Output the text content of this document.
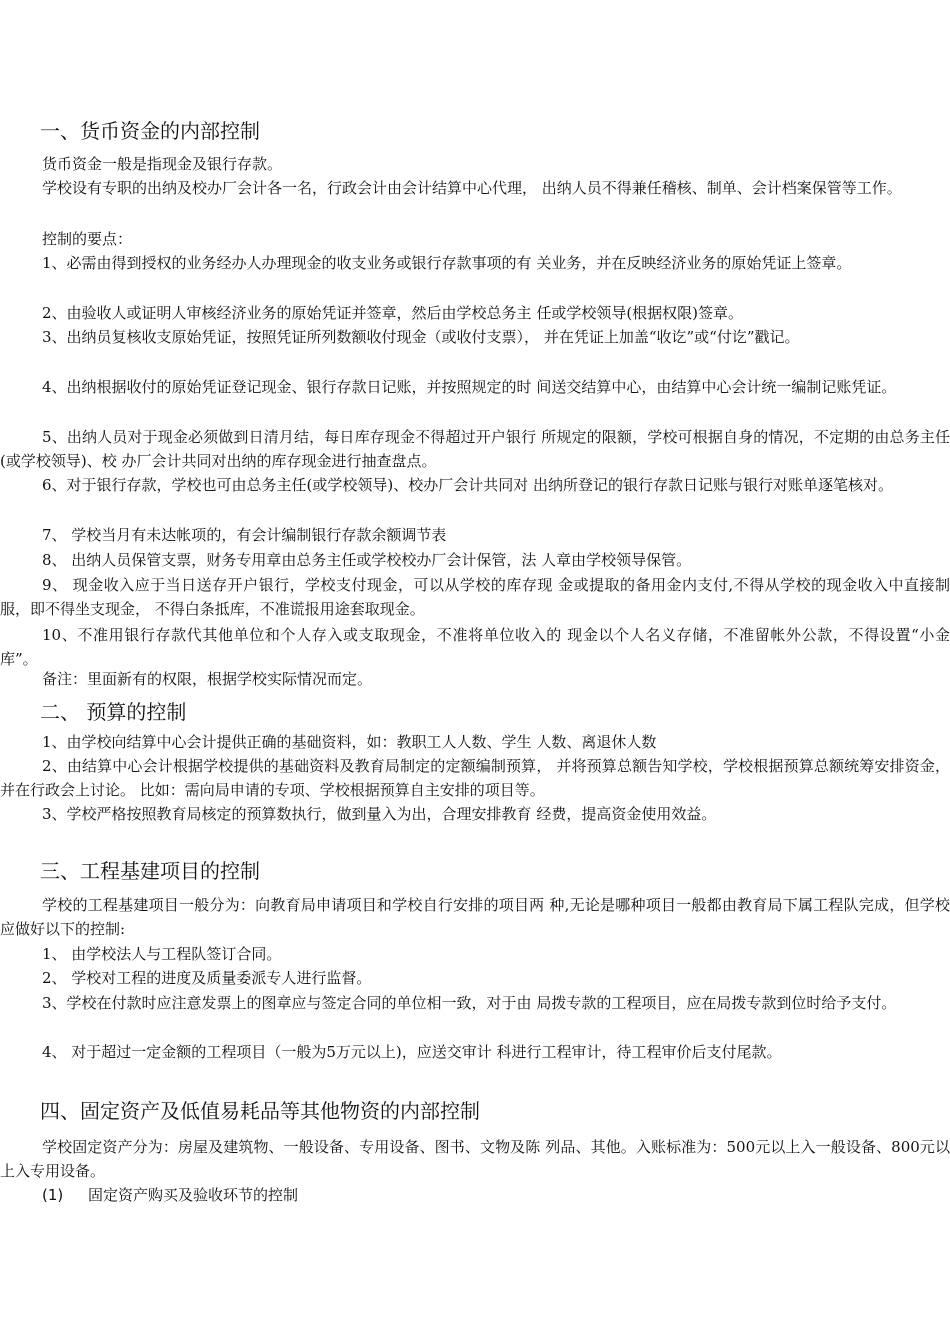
一、货币资金的内部控制

货币资金一般是指现金及银行存款。

学校设有专职的出纳及校办厂会计各一名，行政会计由会计结算中心代理， 出纳人员不得兼任稽核、制单、会计档案保管等工作。

控制的要点：

1、必需由得到授权的业务经办人办理现金的收支业务或银行存款事项的有 关业务，并在反映经济业务的原始凭证上签章。

2、由验收人或证明人审核经济业务的原始凭证并签章，然后由学校总务主 任或学校领导(根据权限)签章。

3、出纳员复核收支原始凭证，按照凭证所列数额收付现金（或收付支票）， 并在凭证上加盖“收讫”或“付讫”戳记。

4、出纳根据收付的原始凭证登记现金、银行存款日记账，并按照规定的时 间送交结算中心，由结算中心会计统一编制记账凭证。

5、出纳人员对于现金必须做到日清月结，每日库存现金不得超过开户银行 所规定的限额，学校可根据自身的情况，不定期的由总务主任(或学校领导)、校 办厂会计共同对出纳的库存现金进行抽查盘点。

6、对于银行存款，学校也可由总务主任(或学校领导)、校办厂会计共同对 出纳所登记的银行存款日记账与银行对账单逐笔核对。

7、 学校当月有未达帐项的，有会计编制银行存款余额调节表

8、 出纳人员保管支票，财务专用章由总务主任或学校校办厂会计保管，法 人章由学校领导保管。

9、 现金收入应于当日送存开户银行，学校支付现金，可以从学校的库存现 金或提取的备用金内支付,不得从学校的现金收入中直接制服，即不得坐支现金， 不得白条抵库，不准谎报用途套取现金。

10、不准用银行存款代其他单位和个人存入或支取现金，不准将单位收入的 现金以个人名义存储，不准留帐外公款，不得设置“小金库”。

备注：里面新有的权限，根据学校实际情况而定。

二、 预算的控制

1、由学校向结算中心会计提供正确的基础资料，如：教职工人人数、学生 人数、离退休人数

2、由结算中心会计根据学校提供的基础资料及教育局制定的定额编制预算， 并将预算总额告知学校，学校根据预算总额统筹安排资金，并在行政会上讨论。 比如：需向局申请的专项、学校根据预算自主安排的项目等。

3、学校严格按照教育局核定的预算数执行，做到量入为出，合理安排教育 经费，提高资金使用效益。

三、工程基建项目的控制

学校的工程基建项目一般分为：向教育局申请项目和学校自行安排的项目两 种,无论是哪种项目一般都由教育局下属工程队完成，但学校应做好以下的控制:

1、 由学校法人与工程队签订合同。

2、 学校对工程的进度及质量委派专人进行监督。

3、学校在付款时应注意发票上的图章应与签定合同的单位相一致，对于由 局拨专款的工程项目，应在局拨专款到位时给予支付。

4、 对于超过一定金额的工程项目（一般为5万元以上)，应送交审计 科进行工程审计，待工程审价后支付尾款。

四、固定资产及低值易耗品等其他物资的内部控制

学校固定资产分为：房屋及建筑物、一般设备、专用设备、图书、文物及陈 列品、其他。入账标准为：500元以上入一般设备、800元以上入专用设备。

(1) 固定资产购买及验收环节的控制
